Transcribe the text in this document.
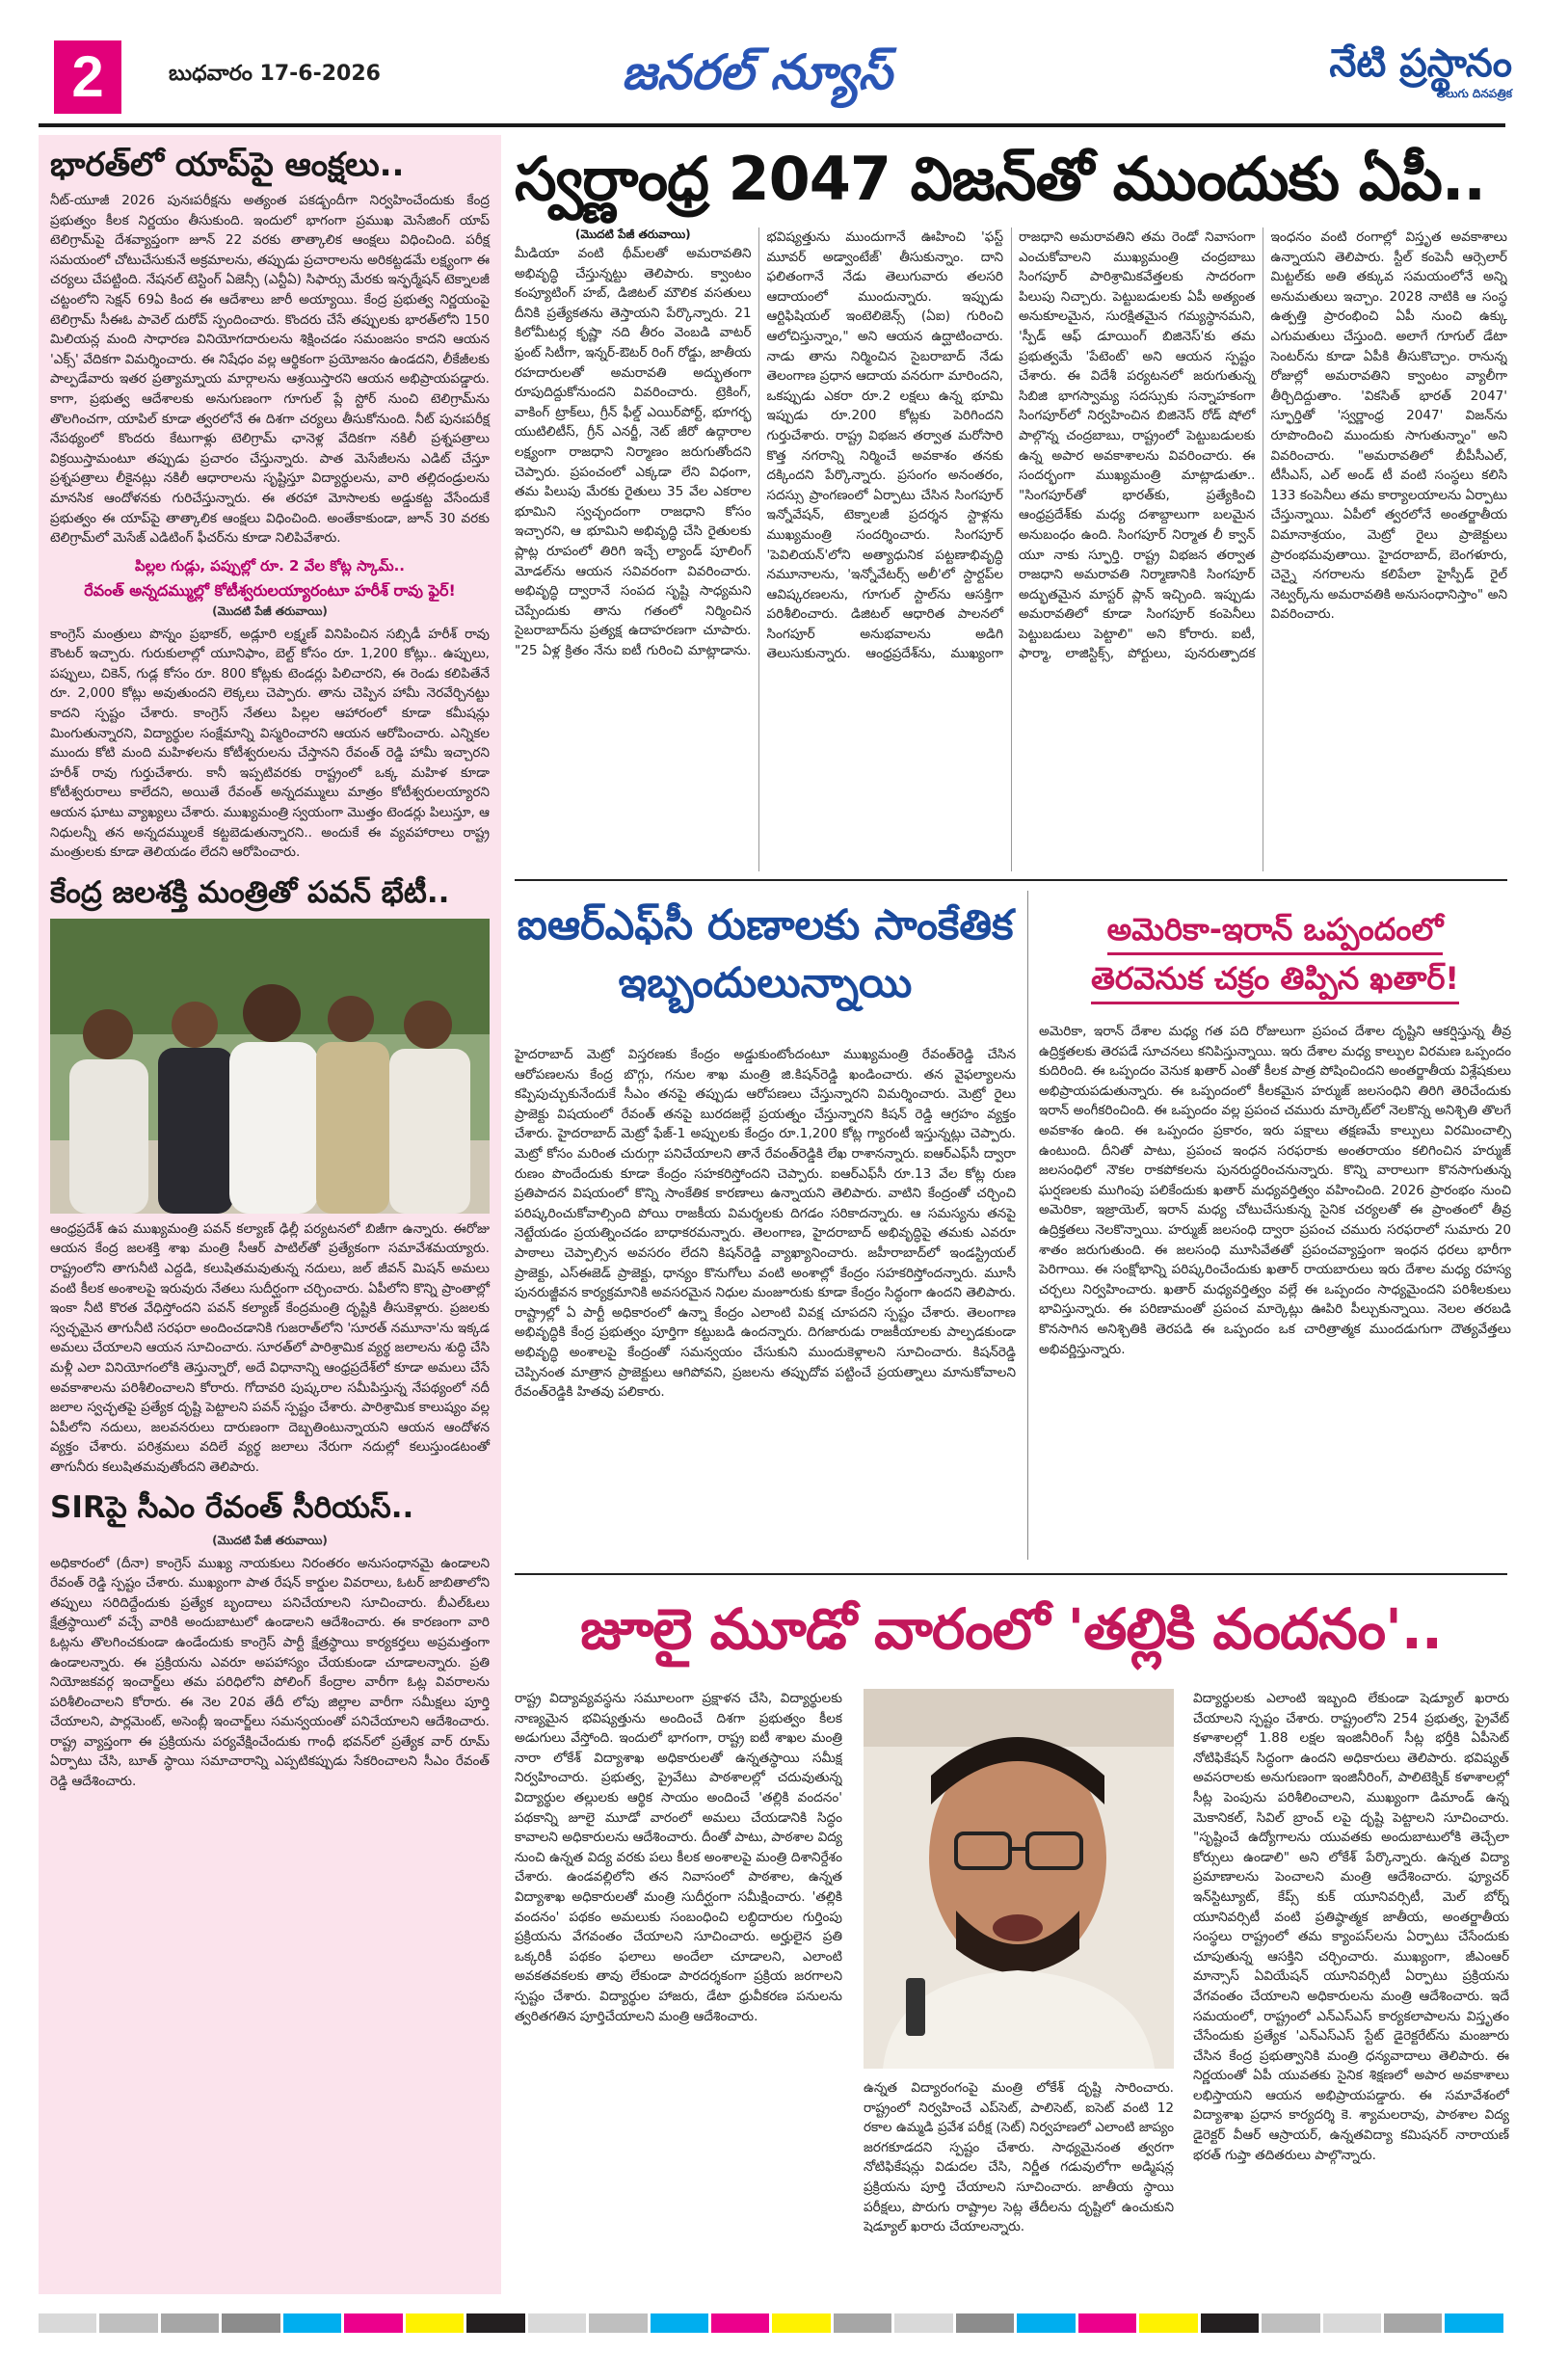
2	బుధవారం 17-6-2026	జనరల్ న్యూస్	నేటి ప్రస్థానం
తెలుగు దినపత్రిక
భారత్‌లో యాప్‌పై ఆంక్షలు..
నీట్-యూజీ 2026 పునఃపరీక్షను అత్యంత పకడ్బందీగా నిర్వహించేందుకు కేంద్ర ప్రభుత్వం కీలక నిర్ణయం తీసుకుంది. ఇందులో భాగంగా ప్రముఖ మెసేజింగ్ యాప్ టెలిగ్రామ్‌పై దేశవ్యాప్తంగా జూన్ 22 వరకు తాత్కాలిక ఆంక్షలు విధించింది. పరీక్ష సమయంలో చోటుచేసుకునే అక్రమాలను, తప్పుడు ప్రచారాలను అరికట్టడమే లక్ష్యంగా ఈ చర్యలు చేపట్టింది. నేషనల్ టెస్టింగ్ ఏజెన్సీ (ఎన్టీఏ) సిఫార్సు మేరకు ఇన్ఫర్మేషన్ టెక్నాలజీ చట్టంలోని సెక్షన్ 69ఏ కింద ఈ ఆదేశాలు జారీ అయ్యాయి. కేంద్ర ప్రభుత్వ నిర్ణయంపై టెలిగ్రామ్ సీఈఓ పావెల్ దురోవ్ స్పందించారు. కొందరు చేసే తప్పులకు భారత్‌లోని 150 మిలియన్ల మంది సాధారణ వినియోగదారులను శిక్షించడం సమంజసం కాదని ఆయన 'ఎక్స్' వేదికగా విమర్శించారు. ఈ నిషేధం వల్ల ఆర్థికంగా ప్రయోజనం ఉండదని, లీకేజీలకు పాల్పడేవారు ఇతర ప్రత్యామ్నాయ మార్గాలను ఆశ్రయిస్తారని ఆయన అభిప్రాయపడ్డారు. కాగా, ప్రభుత్వ ఆదేశాలకు అనుగుణంగా గూగుల్ ప్లే స్టోర్ నుంచి టెలిగ్రామ్‌ను తొలగించగా, యాపిల్ కూడా త్వరలోనే ఈ దిశగా చర్యలు తీసుకోనుంది. నీట్ పునఃపరీక్ష నేపథ్యంలో కొందరు కేటుగాళ్లు టెలిగ్రామ్ ఛానెళ్ల వేదికగా నకిలీ ప్రశ్నపత్రాలు విక్రయిస్తామంటూ తప్పుడు ప్రచారం చేస్తున్నారు. పాత మెసేజీలను ఎడిట్ చేస్తూ ప్రశ్నపత్రాలు లీకైనట్లు నకిలీ ఆధారాలను సృష్టిస్తూ విద్యార్థులను, వారి తల్లిదండ్రులను మానసిక ఆందోళనకు గురిచేస్తున్నారు. ఈ తరహా మోసాలకు అడ్డుకట్ట వేసేందుకే ప్రభుత్వం ఈ యాప్‌పై తాత్కాలిక ఆంక్షలు విధించింది. అంతేకాకుండా, జూన్ 30 వరకు టెలిగ్రామ్‌లో మెసేజ్ ఎడిటింగ్ ఫీచర్‌ను కూడా నిలిపివేశారు.
పిల్లల గుడ్లు, పప్పుల్లో రూ. 2 వేల కోట్ల స్కామ్..
రేవంత్ అన్నదమ్ముల్లో కోటీశ్వరులయ్యారంటూ హరీశ్ రావు ఫైర్!
(మొదటి పేజీ తరువాయి)
కాంగ్రెస్ మంత్రులు పొన్నం ప్రభాకర్, అడ్లూరి లక్ష్మణ్ వినిపించిన సబ్సిడీ హరీశ్ రావు కౌంటర్ ఇచ్చారు. గురుకులాల్లో యూనిఫాం, బెల్ట్ కోసం రూ. 1,200 కోట్లు.. ఉప్పులు, పప్పులు, చికెన్, గుడ్ల కోసం రూ. 800 కోట్లకు టెండర్లు పిలిచారని, ఈ రెండు కలిపితేనే రూ. 2,000 కోట్లు అవుతుందని లెక్కలు చెప్పారు. తాను చెప్పిన హామీ నెరవేర్చినట్టు కాదని స్పష్టం చేశారు. కాంగ్రెస్ నేతలు పిల్లల ఆహారంలో కూడా కమీషన్లు మింగుతున్నారని, విద్యార్థుల సంక్షేమాన్ని విస్మరించారని ఆయన ఆరోపించారు. ఎన్నికల ముందు కోటి మంది మహిళలను కోటీశ్వరులను చేస్తానని రేవంత్ రెడ్డి హామీ ఇచ్చారని హరీశ్ రావు గుర్తుచేశారు. కానీ ఇప్పటివరకు రాష్ట్రంలో ఒక్క మహిళ కూడా కోటీశ్వరురాలు కాలేదని, అయితే రేవంత్ అన్నదమ్ములు మాత్రం కోటీశ్వరులయ్యారని ఆయన ఘాటు వ్యాఖ్యలు చేశారు. ముఖ్యమంత్రి స్వయంగా మొత్తం టెండర్లు పిలుస్తూ, ఆ నిధులన్నీ తన అన్నదమ్ములకే కట్టబెడుతున్నారని.. అందుకే ఈ వ్యవహారాలు రాష్ట్ర మంత్రులకు కూడా తెలియడం లేదని ఆరోపించారు.
కేంద్ర జలశక్తి మంత్రితో పవన్ భేటీ..
ఆంధ్రప్రదేశ్ ఉప ముఖ్యమంత్రి పవన్ కల్యాణ్ ఢిల్లీ పర్యటనలో బిజీగా ఉన్నారు. ఈరోజు ఆయన కేంద్ర జలశక్తి శాఖ మంత్రి సీఆర్ పాటిల్‌తో ప్రత్యేకంగా సమావేశమయ్యారు. రాష్ట్రంలోని తాగునీటి ఎద్దడి, కలుషితమవుతున్న నదులు, జల్ జీవన్ మిషన్ అమలు వంటి కీలక అంశాలపై ఇరువురు నేతలు సుదీర్ఘంగా చర్చించారు. ఏపీలోని కొన్ని ప్రాంతాల్లో ఇంకా నీటి కొరత వేధిస్తోందని పవన్ కల్యాణ్ కేంద్రమంత్రి దృష్టికి తీసుకెళ్లారు. ప్రజలకు స్వచ్ఛమైన తాగునీటి సరఫరా అందించడానికి గుజరాత్‌లోని 'సూరత్ నమూనా'ను ఇక్కడ అమలు చేయాలని ఆయన సూచించారు. సూరత్‌లో పారిశ్రామిక వ్యర్థ జలాలను శుద్ధి చేసి మళ్లీ ఎలా వినియోగంలోకి తెస్తున్నారో, అదే విధానాన్ని ఆంధ్రప్రదేశ్‌లో కూడా అమలు చేసే అవకాశాలను పరిశీలించాలని కోరారు. గోదావరి పుష్కరాల సమీపిస్తున్న నేపథ్యంలో నదీ జలాల స్వచ్ఛతపై ప్రత్యేక దృష్టి పెట్టాలని పవన్ స్పష్టం చేశారు. పారిశ్రామిక కాలుష్యం వల్ల ఏపీలోని నదులు, జలవనరులు దారుణంగా దెబ్బతింటున్నాయని ఆయన ఆందోళన వ్యక్తం చేశారు. పరిశ్రమలు వదిలే వ్యర్థ జలాలు నేరుగా నదుల్లో కలుస్తుండటంతో తాగునీరు కలుషితమవుతోందని తెలిపారు.
SIRపై సీఎం రేవంత్ సీరియస్..
(మొదటి పేజీ తరువాయి)
అధికారంలో (దీనా) కాంగ్రెస్ ముఖ్య నాయకులు నిరంతరం అనుసంధానమై ఉండాలని రేవంత్ రెడ్డి స్పష్టం చేశారు. ముఖ్యంగా పాత రేషన్ కార్డుల వివరాలు, ఓటర్ జాబితాలోని తప్పులు సరిదిద్దేందుకు ప్రత్యేక బృందాలు పనిచేయాలని సూచించారు. బీఎల్ఓలు క్షేత్రస్థాయిలో వచ్చే వారికి అందుబాటులో ఉండాలని ఆదేశించారు. ఈ కారణంగా వారి ఓట్లను తొలగించకుండా ఉండేందుకు కాంగ్రెస్ పార్టీ క్షేత్రస్థాయి కార్యకర్తలు అప్రమత్తంగా ఉండాలన్నారు. ఈ ప్రక్రియను ఎవరూ అపహాస్యం చేయకుండా చూడాలన్నారు. ప్రతి నియోజకవర్గ ఇంచార్జ్‌లు తమ పరిధిలోని పోలింగ్ కేంద్రాల వారీగా ఓట్ల వివరాలను పరిశీలించాలని కోరారు. ఈ నెల 20వ తేదీ లోపు జిల్లాల వారీగా సమీక్షలు పూర్తి చేయాలని, పార్లమెంట్, అసెంబ్లీ ఇంచార్జ్‌లు సమన్వయంతో పనిచేయాలని ఆదేశించారు. రాష్ట్ర వ్యాప్తంగా ఈ ప్రక్రియను పర్యవేక్షించేందుకు గాంధీ భవన్‌లో ప్రత్యేక వార్ రూమ్ ఏర్పాటు చేసి, బూత్ స్థాయి సమాచారాన్ని ఎప్పటికప్పుడు సేకరించాలని సీఎం రేవంత్ రెడ్డి ఆదేశించారు.
స్వర్ణాంధ్ర 2047 విజన్‌తో ముందుకు ఏపీ..
(మొదటి పేజీ తరువాయి)
మీడియా వంటి థీమ్‌లతో అమరావతిని అభివృద్ధి చేస్తున్నట్టు తెలిపారు. క్వాంటం కంప్యూటింగ్ హబ్, డిజిటల్ మౌలిక వసతులు దీనికి ప్రత్యేకతను తెస్తాయని పేర్కొన్నారు. 21 కిలోమీటర్ల కృష్ణా నది తీరం వెంబడి వాటర్ ఫ్రంట్ సిటీగా, ఇన్నర్-ఔటర్ రింగ్ రోడ్డు, జాతీయ రహదారులతో అమరావతి అద్భుతంగా రూపుదిద్దుకోనుందని వివరించారు. ట్రెకింగ్, వాకింగ్ ట్రాక్‌లు, గ్రీన్ ఫీల్డ్ ఎయిర్‌పోర్ట్, భూగర్భ యుటిలిటీస్, గ్రీన్ ఎనర్జీ, నెట్ జీరో ఉద్గారాల లక్ష్యంగా రాజధాని నిర్మాణం జరుగుతోందని చెప్పారు. ప్రపంచంలో ఎక్కడా లేని విధంగా, తమ పిలుపు మేరకు రైతులు 35 వేల ఎకరాల భూమిని స్వచ్ఛందంగా రాజధాని కోసం ఇచ్చారని, ఆ భూమిని అభివృద్ధి చేసి రైతులకు ప్లాట్ల రూపంలో తిరిగి ఇచ్చే ల్యాండ్ పూలింగ్ మోడల్‌ను ఆయన సవివరంగా వివరించారు. అభివృద్ధి ద్వారానే సంపద సృష్టి సాధ్యమని చెప్పేందుకు తాను గతంలో నిర్మించిన సైబరాబాద్‌ను ప్రత్యక్ష ఉదాహరణగా చూపారు. "25 ఏళ్ల క్రితం నేను ఐటీ గురించి మాట్లాడాను. భవిష్యత్తును ముందుగానే ఊహించి 'ఫస్ట్ మూవర్ అడ్వాంటేజ్' తీసుకున్నాం. దాని ఫలితంగానే నేడు తెలుగువారు తలసరి ఆదాయంలో ముందున్నారు. ఇప్పుడు ఆర్టిఫిషియల్ ఇంటెలిజెన్స్ (ఏఐ) గురించి ఆలోచిస్తున్నాం," అని ఆయన ఉద్ఘాటించారు. నాడు తాను నిర్మించిన సైబరాబాద్ నేడు తెలంగాణ ప్రధాన ఆదాయ వనరుగా మారిందని, ఒకప్పుడు ఎకరా రూ.2 లక్షలు ఉన్న భూమి ఇప్పుడు రూ.200 కోట్లకు పెరిగిందని గుర్తుచేశారు. రాష్ట్ర విభజన తర్వాత మరోసారి కొత్త నగరాన్ని నిర్మించే అవకాశం తనకు దక్కిందని పేర్కొన్నారు. ప్రసంగం అనంతరం, సదస్సు ప్రాంగణంలో ఏర్పాటు చేసిన సింగపూర్ ఇన్నోవేషన్, టెక్నాలజీ ప్రదర్శన స్టాళ్లను ముఖ్యమంత్రి సందర్శించారు. సింగపూర్ 'పెవిలియన్‌'లోని అత్యాధునిక పట్టణాభివృద్ధి నమూనాలను, 'ఇన్నోవేటర్స్ అలీ'లో స్టార్టప్‌ల ఆవిష్కరణలను, గూగుల్ స్టాల్‌ను ఆసక్తిగా పరిశీలించారు. డిజిటల్ ఆధారిత పాలనలో సింగపూర్ అనుభవాలను అడిగి తెలుసుకున్నారు. ఆంధ్రప్రదేశ్‌ను, ముఖ్యంగా రాజధాని అమరావతిని తమ రెండో నివాసంగా ఎంచుకోవాలని ముఖ్యమంత్రి చంద్రబాబు సింగపూర్ పారిశ్రామికవేత్తలకు సాదరంగా పిలుపు నిచ్చారు. పెట్టుబడులకు ఏపీ అత్యంత అనుకూలమైన, సురక్షితమైన గమ్యస్థానమని, 'స్పీడ్ ఆఫ్ డూయింగ్ బిజినెస్'కు తమ ప్రభుత్వమే 'పేటెంట్' అని ఆయన స్పష్టం చేశారు. ఈ విదేశీ పర్యటనలో జరుగుతున్న సిబిజి భాగస్వామ్య సదస్సుకు సన్నాహకంగా సింగపూర్‌లో నిర్వహించిన బిజినెస్ రోడ్ షోలో పాల్గొన్న చంద్రబాబు, రాష్ట్రంలో పెట్టుబడులకు ఉన్న అపార అవకాశాలను వివరించారు. ఈ సందర్భంగా ముఖ్యమంత్రి మాట్లాడుతూ.. "సింగపూర్‌తో భారత్‌కు, ప్రత్యేకించి ఆంధ్రప్రదేశ్‌కు మధ్య దశాబ్దాలుగా బలమైన అనుబంధం ఉంది. సింగపూర్ నిర్మాత లీ క్వాన్ యూ నాకు స్ఫూర్తి. రాష్ట్ర విభజన తర్వాత రాజధాని అమరావతి నిర్మాణానికి సింగపూర్ అద్భుతమైన మాస్టర్ ప్లాన్ ఇచ్చింది. ఇప్పుడు అమరావతిలో కూడా సింగపూర్ కంపెనీలు పెట్టుబడులు పెట్టాలి" అని కోరారు. ఐటీ, ఫార్మా, లాజిస్టిక్స్, పోర్టులు, పునరుత్పాదక ఇంధనం వంటి రంగాల్లో విస్తృత అవకాశాలు ఉన్నాయని తెలిపారు. స్టీల్ కంపెనీ ఆర్సెలార్ మిట్టల్‌కు అతి తక్కువ సమయంలోనే అన్ని అనుమతులు ఇచ్చాం. 2028 నాటికి ఆ సంస్థ ఉత్పత్తి ప్రారంభించి ఏపీ నుంచి ఉక్కు ఎగుమతులు చేస్తుంది. అలాగే గూగుల్ డేటా సెంటర్‌ను కూడా ఏపీకి తీసుకొచ్చాం. రానున్న రోజుల్లో అమరావతిని క్వాంటం వ్యాలీగా తీర్చిదిద్దుతాం. 'వికసిత్ భారత్ 2047' స్ఫూర్తితో 'స్వర్ణాంధ్ర 2047' విజన్‌ను రూపొందించి ముందుకు సాగుతున్నాం" అని వివరించారు. "అమరావతిలో బీపీసీఎల్, టీసీఎస్, ఎల్ అండ్ టీ వంటి సంస్థలు కలిసి 133 కంపెనీలు తమ కార్యాలయాలను ఏర్పాటు చేస్తున్నాయి. ఏపీలో త్వరలోనే అంతర్జాతీయ విమానాశ్రయం, మెట్రో రైలు ప్రాజెక్టులు ప్రారంభమవుతాయి. హైదరాబాద్, బెంగళూరు, చెన్నై నగరాలను కలిపేలా హైస్పీడ్ రైల్ నెట్వర్క్‌ను అమరావతికి అనుసంధానిస్తాం" అని వివరించారు.
ఐఆర్ఎఫ్‌సీ రుణాలకు సాంకేతిక ఇబ్బందులున్నాయి
హైదరాబాద్ మెట్రో విస్తరణకు కేంద్రం అడ్డుకుంటోందంటూ ముఖ్యమంత్రి రేవంత్‌రెడ్డి చేసిన ఆరోపణలను కేంద్ర బొగ్గు, గనుల శాఖ మంత్రి జి.కిషన్‌రెడ్డి ఖండించారు. తన వైఫల్యాలను కప్పిపుచ్చుకునేందుకే సీఎం తనపై తప్పుడు ఆరోపణలు చేస్తున్నారని విమర్శించారు. మెట్రో రైలు ప్రాజెక్టు విషయంలో రేవంత్ తనపై బురదజల్లే ప్రయత్నం చేస్తున్నారని కిషన్ రెడ్డి ఆగ్రహం వ్యక్తం చేశారు. హైదరాబాద్ మెట్రో ఫేజ్-1 అప్పులకు కేంద్రం రూ.1,200 కోట్ల గ్యారంటీ ఇస్తున్నట్లు చెప్పారు. మెట్రో కోసం మరింత చురుగ్గా పనిచేయాలని తానే రేవంత్‌రెడ్డికి లేఖ రాశానన్నారు. ఐఆర్ఎఫ్‌సీ ద్వారా రుణం పొందేందుకు కూడా కేంద్రం సహకరిస్తోందని చెప్పారు. ఐఆర్ఎఫ్‌సీ రూ.13 వేల కోట్ల రుణ ప్రతిపాదన విషయంలో కొన్ని సాంకేతిక కారణాలు ఉన్నాయని తెలిపారు. వాటిని కేంద్రంతో చర్చించి పరిష్కరించుకోవాల్సింది పోయి రాజకీయ విమర్శలకు దిగడం సరికాదన్నారు. ఆ సమస్యను తనపై నెట్టేయడం ప్రయత్నించడం బాధాకరమన్నారు. తెలంగాణ, హైదరాబాద్ అభివృద్ధిపై తమకు ఎవరూ పాఠాలు చెప్పాల్సిన అవసరం లేదని కిషన్‌రెడ్డి వ్యాఖ్యానించారు. జహీరాబాద్‌లో ఇండస్ట్రియల్ ప్రాజెక్టు, ఎస్ఈజెడ్ ప్రాజెక్టు, ధాన్యం కొనుగోలు వంటి అంశాల్లో కేంద్రం సహకరిస్తోందన్నారు. మూసీ పునరుజ్జీవన కార్యక్రమానికి అవసరమైన నిధుల మంజూరుకు కూడా కేంద్రం సిద్ధంగా ఉందని తెలిపారు. రాష్ట్రాల్లో ఏ పార్టీ అధికారంలో ఉన్నా కేంద్రం ఎలాంటి వివక్ష చూపదని స్పష్టం చేశారు. తెలంగాణ అభివృద్ధికి కేంద్ర ప్రభుత్వం పూర్తిగా కట్టుబడి ఉందన్నారు. దిగజారుడు రాజకీయాలకు పాల్పడకుండా అభివృద్ధి అంశాలపై కేంద్రంతో సమన్వయం చేసుకుని ముందుకెళ్లాలని సూచించారు. కిషన్‌రెడ్డి చెప్పినంత మాత్రాన ప్రాజెక్టులు ఆగిపోవని, ప్రజలను తప్పుదోవ పట్టించే ప్రయత్నాలు మానుకోవాలని రేవంత్‌రెడ్డికి హితవు పలికారు.
అమెరికా-ఇరాన్ ఒప్పందంలో
తెరవెనుక చక్రం తిప్పిన ఖతార్!
అమెరికా, ఇరాన్ దేశాల మధ్య గత పది రోజులుగా ప్రపంచ దేశాల దృష్టిని ఆకర్షిస్తున్న తీవ్ర ఉద్రిక్తతలకు తెరపడే సూచనలు కనిపిస్తున్నాయి. ఇరు దేశాల మధ్య కాల్పుల విరమణ ఒప్పందం కుదిరింది. ఈ ఒప్పందం వెనుక ఖతార్ ఎంతో కీలక పాత్ర పోషించిందని అంతర్జాతీయ విశ్లేషకులు అభిప్రాయపడుతున్నారు. ఈ ఒప్పందంలో కీలకమైన హర్ముజ్ జలసంధిని తిరిగి తెరిచేందుకు ఇరాన్ అంగీకరించింది. ఈ ఒప్పందం వల్ల ప్రపంచ చమురు మార్కెట్‌లో నెలకొన్న అనిశ్చితి తొలగే అవకాశం ఉంది. ఈ ఒప్పందం ప్రకారం, ఇరు పక్షాలు తక్షణమే కాల్పులు విరమించాల్సి ఉంటుంది. దీనితో పాటు, ప్రపంచ ఇంధన సరఫరాకు అంతరాయం కలిగించిన హర్ముజ్ జలసంధిలో నౌకల రాకపోకలను పునరుద్ధరించనున్నారు. కొన్ని వారాలుగా కొనసాగుతున్న ఘర్షణలకు ముగింపు పలికేందుకు ఖతార్ మధ్యవర్తిత్వం వహించింది. 2026 ప్రారంభం నుంచి అమెరికా, ఇజ్రాయెల్, ఇరాన్ మధ్య చోటుచేసుకున్న సైనిక చర్యలతో ఈ ప్రాంతంలో తీవ్ర ఉద్రిక్తతలు నెలకొన్నాయి. హర్ముజ్ జలసంధి ద్వారా ప్రపంచ చమురు సరఫరాలో సుమారు 20 శాతం జరుగుతుంది. ఈ జలసంధి మూసివేతతో ప్రపంచవ్యాప్తంగా ఇంధన ధరలు భారీగా పెరిగాయి. ఈ సంక్షోభాన్ని పరిష్కరించేందుకు ఖతార్ రాయబారులు ఇరు దేశాల మధ్య రహస్య చర్చలు నిర్వహించారు. ఖతార్ మధ్యవర్తిత్వం వల్లే ఈ ఒప్పందం సాధ్యమైందని పరిశీలకులు భావిస్తున్నారు. ఈ పరిణామంతో ప్రపంచ మార్కెట్లు ఊపిరి పీల్చుకున్నాయి. నెలల తరబడి కొనసాగిన అనిశ్చితికి తెరపడి ఈ ఒప్పందం ఒక చారిత్రాత్మక ముందడుగుగా దౌత్యవేత్తలు అభివర్ణిస్తున్నారు.
జూలై మూడో వారంలో 'తల్లికి వందనం'..
రాష్ట్ర విద్యావ్యవస్థను సమూలంగా ప్రక్షాళన చేసి, విద్యార్థులకు నాణ్యమైన భవిష్యత్తును అందించే దిశగా ప్రభుత్వం కీలక అడుగులు వేస్తోంది. ఇందులో భాగంగా, రాష్ట్ర ఐటీ శాఖల మంత్రి నారా లోకేశ్ విద్యాశాఖ అధికారులతో ఉన్నతస్థాయి సమీక్ష నిర్వహించారు. ప్రభుత్వ, ప్రైవేటు పాఠశాలల్లో చదువుతున్న విద్యార్థుల తల్లులకు ఆర్థిక సాయం అందించే 'తల్లికి వందనం' పథకాన్ని జూలై మూడో వారంలో అమలు చేయడానికి సిద్ధం కావాలని అధికారులను ఆదేశించారు. దీంతో పాటు, పాఠశాల విద్య నుంచి ఉన్నత విద్య వరకు పలు కీలక అంశాలపై మంత్రి దిశానిర్దేశం చేశారు. ఉండవల్లిలోని తన నివాసంలో పాఠశాల, ఉన్నత విద్యాశాఖ అధికారులతో మంత్రి సుదీర్ఘంగా సమీక్షించారు. 'తల్లికి వందనం' పథకం అమలుకు సంబంధించి లబ్ధిదారుల గుర్తింపు ప్రక్రియను వేగవంతం చేయాలని సూచించారు. అర్హులైన ప్రతి ఒక్కరికీ పథకం ఫలాలు అందేలా చూడాలని, ఎలాంటి అవకతవకలకు తావు లేకుండా పారదర్శకంగా ప్రక్రియ జరగాలని స్పష్టం చేశారు. విద్యార్థుల హాజరు, డేటా ధ్రువీకరణ పనులను త్వరితగతిన పూర్తిచేయాలని మంత్రి ఆదేశించారు.
ఉన్నత విద్యారంగంపై మంత్రి లోకేశ్ దృష్టి సారించారు. రాష్ట్రంలో నిర్వహించే ఎప్‌సెట్, పాలిసెట్, ఐసెట్ వంటి 12 రకాల ఉమ్మడి ప్రవేశ పరీక్ష (సెట్) నిర్వహణలో ఎలాంటి జాప్యం జరగకూడదని స్పష్టం చేశారు. సాధ్యమైనంత త్వరగా నోటిఫికేషన్లు విడుదల చేసి, నిర్ణీత గడువులోగా అడ్మిషన్ల ప్రక్రియను పూర్తి చేయాలని సూచించారు. జాతీయ స్థాయి పరీక్షలు, పొరుగు రాష్ట్రాల సెట్ల తేదీలను దృష్టిలో ఉంచుకుని షెడ్యూల్ ఖరారు చేయాలన్నారు.
విద్యార్థులకు ఎలాంటి ఇబ్బంది లేకుండా షెడ్యూల్ ఖరారు చేయాలని స్పష్టం చేశారు. రాష్ట్రంలోని 254 ప్రభుత్వ, ప్రైవేట్ కళాశాలల్లో 1.88 లక్షల ఇంజినీరింగ్ సీట్ల భర్తీకి ఏపీసెట్ నోటిఫికేషన్ సిద్ధంగా ఉందని అధికారులు తెలిపారు. భవిష్యత్ అవసరాలకు అనుగుణంగా ఇంజినీరింగ్, పాలిటెక్నిక్ కళాశాలల్లో సీట్ల పెంపును పరిశీలించాలని, ముఖ్యంగా డిమాండ్ ఉన్న మెకానికల్, సివిల్ బ్రాంచ్ లపై దృష్టి పెట్టాలని సూచించారు. "సృష్టించే ఉద్యోగాలను యువతకు అందుబాటులోకి తెచ్చేలా కోర్సులు ఉండాలి" అని లోకేశ్ పేర్కొన్నారు. ఉన్నత విద్యా ప్రమాణాలను పెంచాలని మంత్రి ఆదేశించారు. ఫ్యూచర్ ఇన్‌స్టిట్యూట్, కేప్స్ కుక్ యూనివర్సిటీ, మెల్ బోర్న్ యూనివర్సిటీ వంటి ప్రతిష్ఠాత్మక జాతీయ, అంతర్జాతీయ సంస్థలు రాష్ట్రంలో తమ క్యాంపస్‌లను ఏర్పాటు చేసేందుకు చూపుతున్న ఆసక్తిని చర్చించారు. ముఖ్యంగా, జీఎంఆర్ మాన్సాస్ ఏవియేషన్ యూనివర్సిటీ ఏర్పాటు ప్రక్రియను వేగవంతం చేయాలని అధికారులను మంత్రి ఆదేశించారు. ఇదే సమయంలో, రాష్ట్రంలో ఎన్ఎస్ఎస్ కార్యకలాపాలను విస్తృతం చేసేందుకు ప్రత్యేక 'ఎన్ఎస్ఎస్ స్టేట్ డైరెక్టరేట్‌ను మంజూరు చేసిన కేంద్ర ప్రభుత్వానికి మంత్రి ధన్యవాదాలు తెలిపారు. ఈ నిర్ణయంతో ఏపీ యువతకు సైనిక శిక్షణలో అపార అవకాశాలు లభిస్తాయని ఆయన అభిప్రాయపడ్డారు. ఈ సమావేశంలో విద్యాశాఖ ప్రధాన కార్యదర్శి కె. శ్యామలరావు, పాఠశాల విద్య డైరెక్టర్ వీఆర్ ఆస్రాయర్, ఉన్నతవిద్యా కమిషనర్ నారాయణ్ భరత్ గుప్తా తదితరులు పాల్గొన్నారు.
